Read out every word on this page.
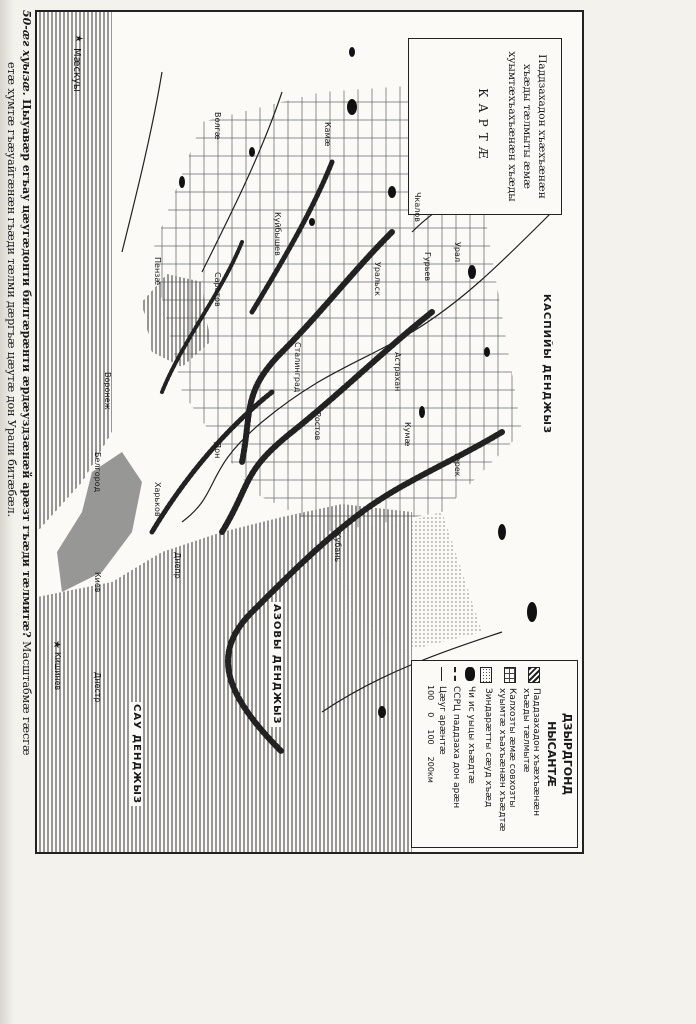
Паддзахадон хъæхъæнæн
хъæды тæлмыты æмæ
хуымтæхъахъæнæн хъæды
КАРТÆ
ДЗЫРДГОНД
НЫСАНТÆ
Паддзахадон хъæхъæнæн хъæды тæлмытæ
Калхозты æмæ совхозты хуымтæ хъахъæнæн хъæдтæ
Зиндарæтты сæуд хъæд
Чи ис уыцы хъæдтæ
ССРЦ паддзаха дон арæн
Цæуг арæнтæ
100
0
100
200км
★
Мæскуы
Волгæ	Камæ
Куйбышев
Саратов
Пензæ
Воронеж
Белгород
Харьков
Киев
Днепр
Дон
Сталинград	Астрахан
Ростов
★
Кишинев	Днестр
Урал
Уральск
Чкалов
Гурьев
Терек
Кумæ
Кубань
КАСПИЙЫ ДЕНДЖЫЗ
АЗОВЫ ДЕНДЖЫЗ
САУ ДЕНДЖЫЗ
50-æг хуызæ. Цыуавæр егъау цæугæдонти билгæрæнти æрдæуздзæнæй арæзт гъæди тæлмитæ? Масштабмæ гæсгæ
етæ хумтæ гъæуайгæнæн гъæди тæлми дæргъæ цæутæ дон Урали битæбæл.
